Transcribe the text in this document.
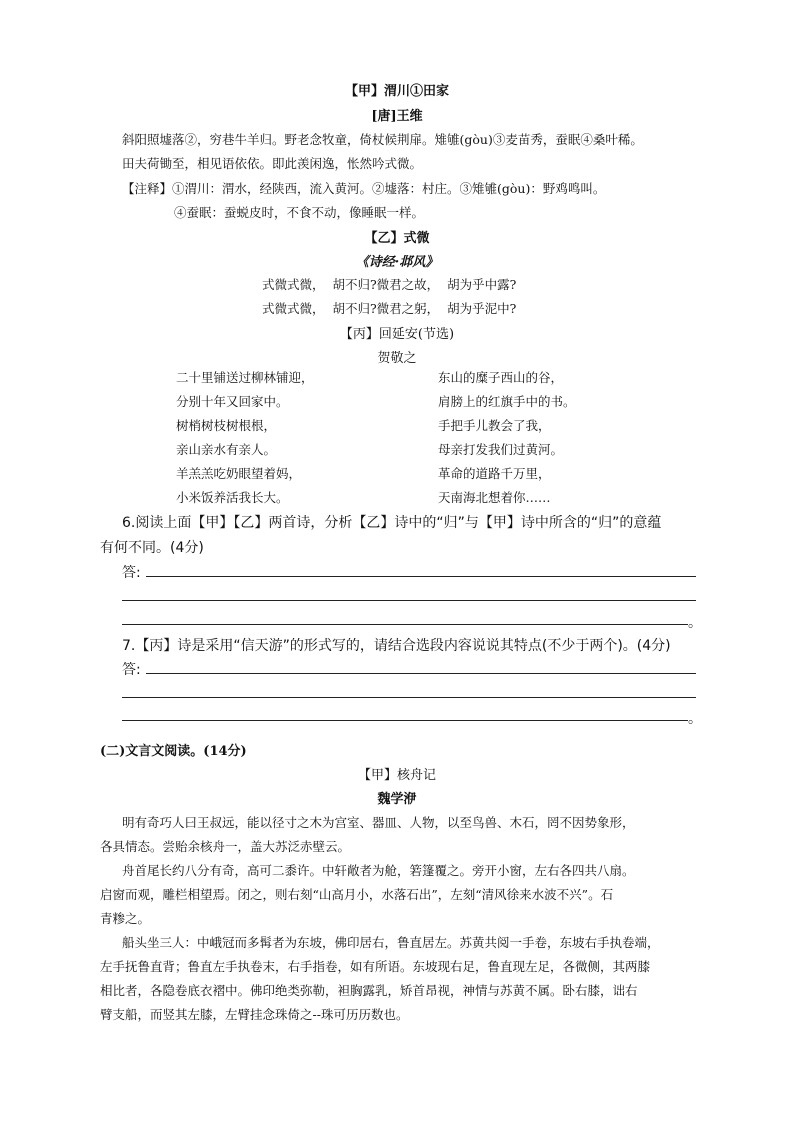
【甲】渭川①田家
[唐]王维
斜阳照墟落②，穷巷牛羊归。野老念牧童，倚杖候荆扉。雉雊(gòu)③麦苗秀，蚕眠④桑叶稀。
田夫荷锄至，相见语依依。即此羡闲逸，怅然吟式微。
【注释】①渭川：渭水，经陕西，流入黄河。②墟落：村庄。③雉雊(gòu)：野鸡鸣叫。
④蚕眠：蚕蜕皮时，不食不动，像睡眠一样。
【乙】式微
《诗经·邶风》
式微式微，  胡不归?微君之故，  胡为乎中露?
式微式微，  胡不归?微君之躬，  胡为乎泥中?
【丙】回延安(节选)
贺敬之
二十里铺送过柳林铺迎，
分别十年又回家中。
树梢树枝树根根，
亲山亲水有亲人。
羊羔羔吃奶眼望着妈，
小米饭养活我长大。
东山的糜子西山的谷，
肩膀上的红旗手中的书。
手把手儿教会了我，
母亲打发我们过黄河。
革命的道路千万里，
天南海北想着你……
6.阅读上面【甲】【乙】两首诗，分析【乙】诗中的“归”与【甲】诗中所含的“归”的意蕴
有何不同。(4分)
答:
。
7.【丙】诗是采用“信天游”的形式写的，请结合选段内容说说其特点(不少于两个)。(4分)
答:
。
(二)文言文阅读。(14分)
【甲】核舟记
魏学洢
明有奇巧人曰王叔远，能以径寸之木为宫室、器皿、人物，以至鸟兽、木石，罔不因势象形，
各具情态。尝贻余核舟一，盖大苏泛赤壁云。
舟首尾长约八分有奇，高可二黍许。中轩敞者为舱，箬篷覆之。旁开小窗，左右各四共八扇。
启窗而观，雕栏相望焉。闭之，则右刻“山高月小，水落石出”，左刻“清风徐来水波不兴”。石
青糁之。
船头坐三人：中峨冠而多髯者为东坡，佛印居右，鲁直居左。苏黄共阅一手卷，东坡右手执卷端，
左手抚鲁直背；鲁直左手执卷末，右手指卷，如有所语。东坡现右足，鲁直现左足，各微侧，其两膝
相比者，各隐卷底衣褶中。佛印绝类弥勒，袒胸露乳，矫首昂视，神情与苏黄不属。卧右膝，诎右
臂支船，而竖其左膝，左臂挂念珠倚之--珠可历历数也。
